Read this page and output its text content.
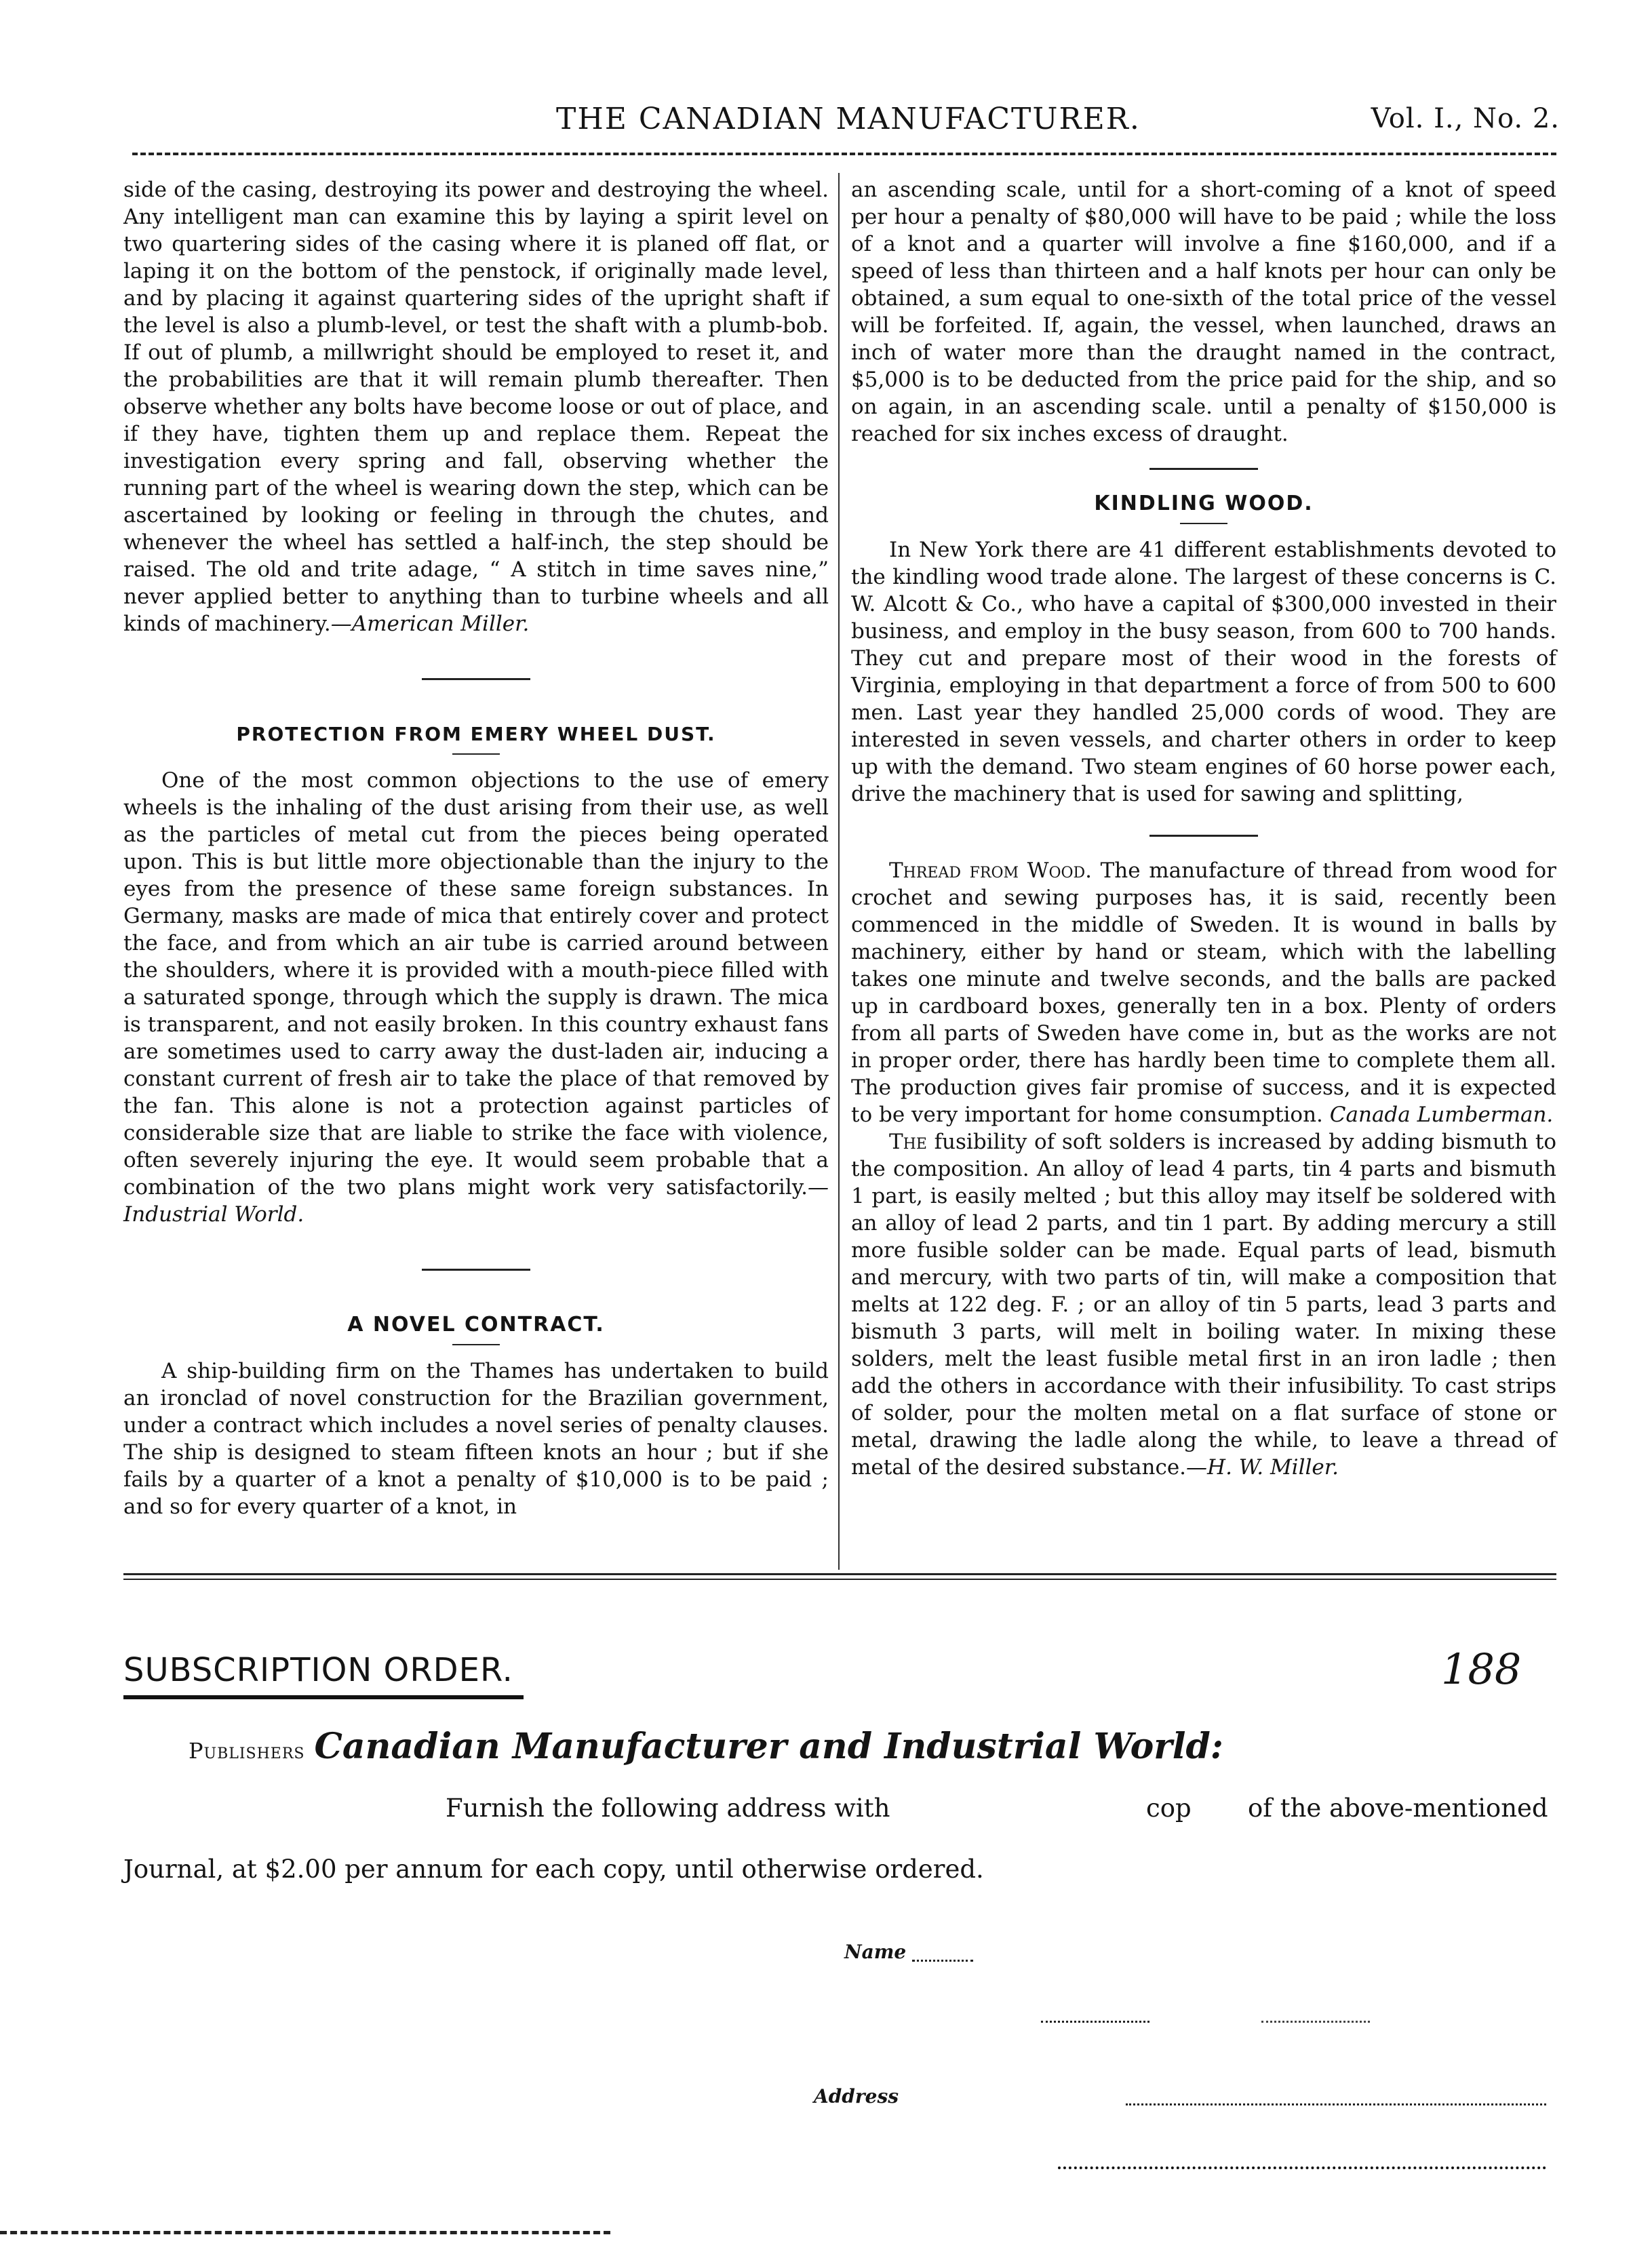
THE CANADIAN MANUFACTURER.	Vol. I., No. 2.

side of the casing, destroying its power and destroying the wheel. Any intelligent man can examine this by laying a spirit level on two quartering sides of the casing where it is planed off flat, or laping it on the bottom of the penstock, if originally made level, and by placing it against quartering sides of the upright shaft if the level is also a plumb-level, or test the shaft with a plumb-bob. If out of plumb, a millwright should be employed to reset it, and the probabilities are that it will remain plumb thereafter. Then observe whether any bolts have become loose or out of place, and if they have, tighten them up and replace them. Repeat the investigation every spring and fall, observing whether the running part of the wheel is wearing down the step, which can be ascertained by looking or feeling in through the chutes, and whenever the wheel has settled a half-inch, the step should be raised. The old and trite adage, “ A stitch in time saves nine,” never applied better to anything than to turbine wheels and all kinds of machinery.—American Miller.

PROTECTION FROM EMERY WHEEL DUST.

One of the most common objections to the use of emery wheels is the inhaling of the dust arising from their use, as well as the particles of metal cut from the pieces being operated upon. This is but little more objectionable than the injury to the eyes from the presence of these same foreign substances. In Germany, masks are made of mica that entirely cover and protect the face, and from which an air tube is carried around between the shoulders, where it is provided with a mouth-piece filled with a saturated sponge, through which the supply is drawn. The mica is transparent, and not easily broken. In this country exhaust fans are sometimes used to carry away the dust-laden air, inducing a constant current of fresh air to take the place of that removed by the fan. This alone is not a protection against particles of considerable size that are liable to strike the face with violence, often severely injuring the eye. It would seem probable that a combination of the two plans might work very satisfactorily.—Industrial World.

A NOVEL CONTRACT.

A ship-building firm on the Thames has undertaken to build an ironclad of novel construction for the Brazilian government, under a contract which includes a novel series of penalty clauses. The ship is designed to steam fifteen knots an hour ; but if she fails by a quarter of a knot a penalty of $10,000 is to be paid ; and so for every quarter of a knot, in

an ascending scale, until for a short-coming of a knot of speed per hour a penalty of $80,000 will have to be paid ; while the loss of a knot and a quarter will involve a fine $160,000, and if a speed of less than thirteen and a half knots per hour can only be obtained, a sum equal to one-sixth of the total price of the vessel will be forfeited. If, again, the vessel, when launched, draws an inch of water more than the draught named in the contract, $5,000 is to be deducted from the price paid for the ship, and so on again, in an ascending scale. until a penalty of $150,000 is reached for six inches excess of draught.

KINDLING WOOD.

In New York there are 41 different establishments devoted to the kindling wood trade alone. The largest of these concerns is C. W. Alcott & Co., who have a capital of $300,000 invested in their business, and employ in the busy season, from 600 to 700 hands. They cut and prepare most of their wood in the forests of Virginia, employing in that department a force of from 500 to 600 men. Last year they handled 25,000 cords of wood. They are interested in seven vessels, and charter others in order to keep up with the demand. Two steam engines of 60 horse power each, drive the machinery that is used for sawing and splitting,

Thread from Wood. The manufacture of thread from wood for crochet and sewing purposes has, it is said, recently been commenced in the middle of Sweden. It is wound in balls by machinery, either by hand or steam, which with the labelling takes one minute and twelve seconds, and the balls are packed up in cardboard boxes, generally ten in a box. Plenty of orders from all parts of Sweden have come in, but as the works are not in proper order, there has hardly been time to complete them all. The production gives fair promise of success, and it is expected to be very important for home consumption. Canada Lumberman.

The fusibility of soft solders is increased by adding bismuth to the composition. An alloy of lead 4 parts, tin 4 parts and bismuth 1 part, is easily melted ; but this alloy may itself be soldered with an alloy of lead 2 parts, and tin 1 part. By adding mercury a still more fusible solder can be made. Equal parts of lead, bismuth and mercury, with two parts of tin, will make a composition that melts at 122 deg. F. ; or an alloy of tin 5 parts, lead 3 parts and bismuth 3 parts, will melt in boiling water. In mixing these solders, melt the least fusible metal first in an iron ladle ; then add the others in accordance with their infusibility. To cast strips of solder, pour the molten metal on a flat surface of stone or metal, drawing the ladle along the while, to leave a thread of metal of the desired substance.—H. W. Miller.

SUBSCRIPTION ORDER.	188
Publishers Canadian Manufacturer and Industrial World:
Furnish the following address with	cop of the above-mentioned
Journal, at $2.00 per annum for each copy, until otherwise ordered.
Name
Address
